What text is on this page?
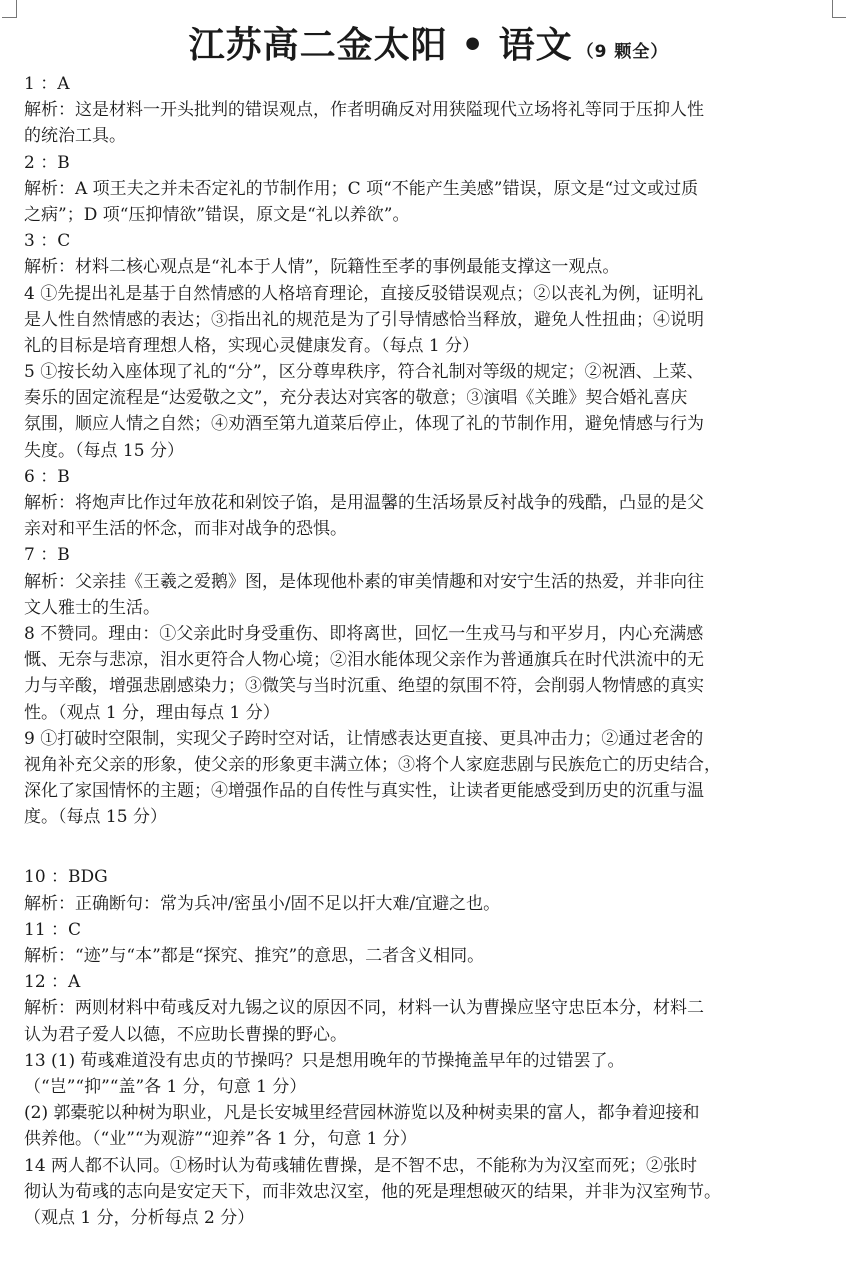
江苏高二金太阳 • 语文 （9 颗全）
1 ：A
解析：这是材料一开头批判的错误观点，作者明确反对用狭隘现代立场将礼等同于压抑人性
的统治工具。
2 ：B
解析：A 项王夫之并未否定礼的节制作用；C 项“不能产生美感”错误，原文是“过文或过质
之病”；D 项“压抑情欲”错误，原文是“礼以养欲”。
3 ：C
解析：材料二核心观点是“礼本于人情”，阮籍性至孝的事例最能支撑这一观点。
4 ①先提出礼是基于自然情感的人格培育理论，直接反驳错误观点；②以丧礼为例，证明礼
是人性自然情感的表达；③指出礼的规范是为了引导情感恰当释放，避免人性扭曲；④说明
礼的目标是培育理想人格，实现心灵健康发育。（每点 1 分）
5 ①按长幼入座体现了礼的“分”，区分尊卑秩序，符合礼制对等级的规定；②祝酒、上菜、
奏乐的固定流程是“达爱敬之文”，充分表达对宾客的敬意；③演唱《关雎》契合婚礼喜庆
氛围，顺应人情之自然；④劝酒至第九道菜后停止，体现了礼的节制作用，避免情感与行为
失度。（每点 15 分）
6 ：B
解析：将炮声比作过年放花和剁饺子馅，是用温馨的生活场景反衬战争的残酷，凸显的是父
亲对和平生活的怀念，而非对战争的恐惧。
7 ：B
解析：父亲挂《王羲之爱鹅》图，是体现他朴素的审美情趣和对安宁生活的热爱，并非向往
文人雅士的生活。
8 不赞同。理由：①父亲此时身受重伤、即将离世，回忆一生戎马与和平岁月，内心充满感
慨、无奈与悲凉，泪水更符合人物心境；②泪水能体现父亲作为普通旗兵在时代洪流中的无
力与辛酸，增强悲剧感染力；③微笑与当时沉重、绝望的氛围不符，会削弱人物情感的真实
性。（观点 1 分，理由每点 1 分）
9 ①打破时空限制，实现父子跨时空对话，让情感表达更直接、更具冲击力；②通过老舍的
视角补充父亲的形象，使父亲的形象更丰满立体；③将个人家庭悲剧与民族危亡的历史结合，
深化了家国情怀的主题；④增强作品的自传性与真实性，让读者更能感受到历史的沉重与温
度。（每点 15 分）
10 ：BDG
解析：正确断句：常为兵冲/密虽小/固不足以扞大难/宜避之也。
11 ：C
解析：“迹”与“本”都是“探究、推究”的意思，二者含义相同。
12 ：A
解析：两则材料中荀彧反对九锡之议的原因不同，材料一认为曹操应坚守忠臣本分，材料二
认为君子爱人以德，不应助长曹操的野心。
13 (1) 荀彧难道没有忠贞的节操吗？只是想用晚年的节操掩盖早年的过错罢了。
（“岂”“抑”“盖”各 1 分，句意 1 分）
(2) 郭橐驼以种树为职业，凡是长安城里经营园林游览以及种树卖果的富人，都争着迎接和
供养他。（“业”“为观游”“迎养”各 1 分，句意 1 分）
14 两人都不认同。①杨时认为荀彧辅佐曹操，是不智不忠，不能称为为汉室而死；②张时
彻认为荀彧的志向是安定天下，而非效忠汉室，他的死是理想破灭的结果，并非为汉室殉节。
（观点 1 分，分析每点 2 分）
